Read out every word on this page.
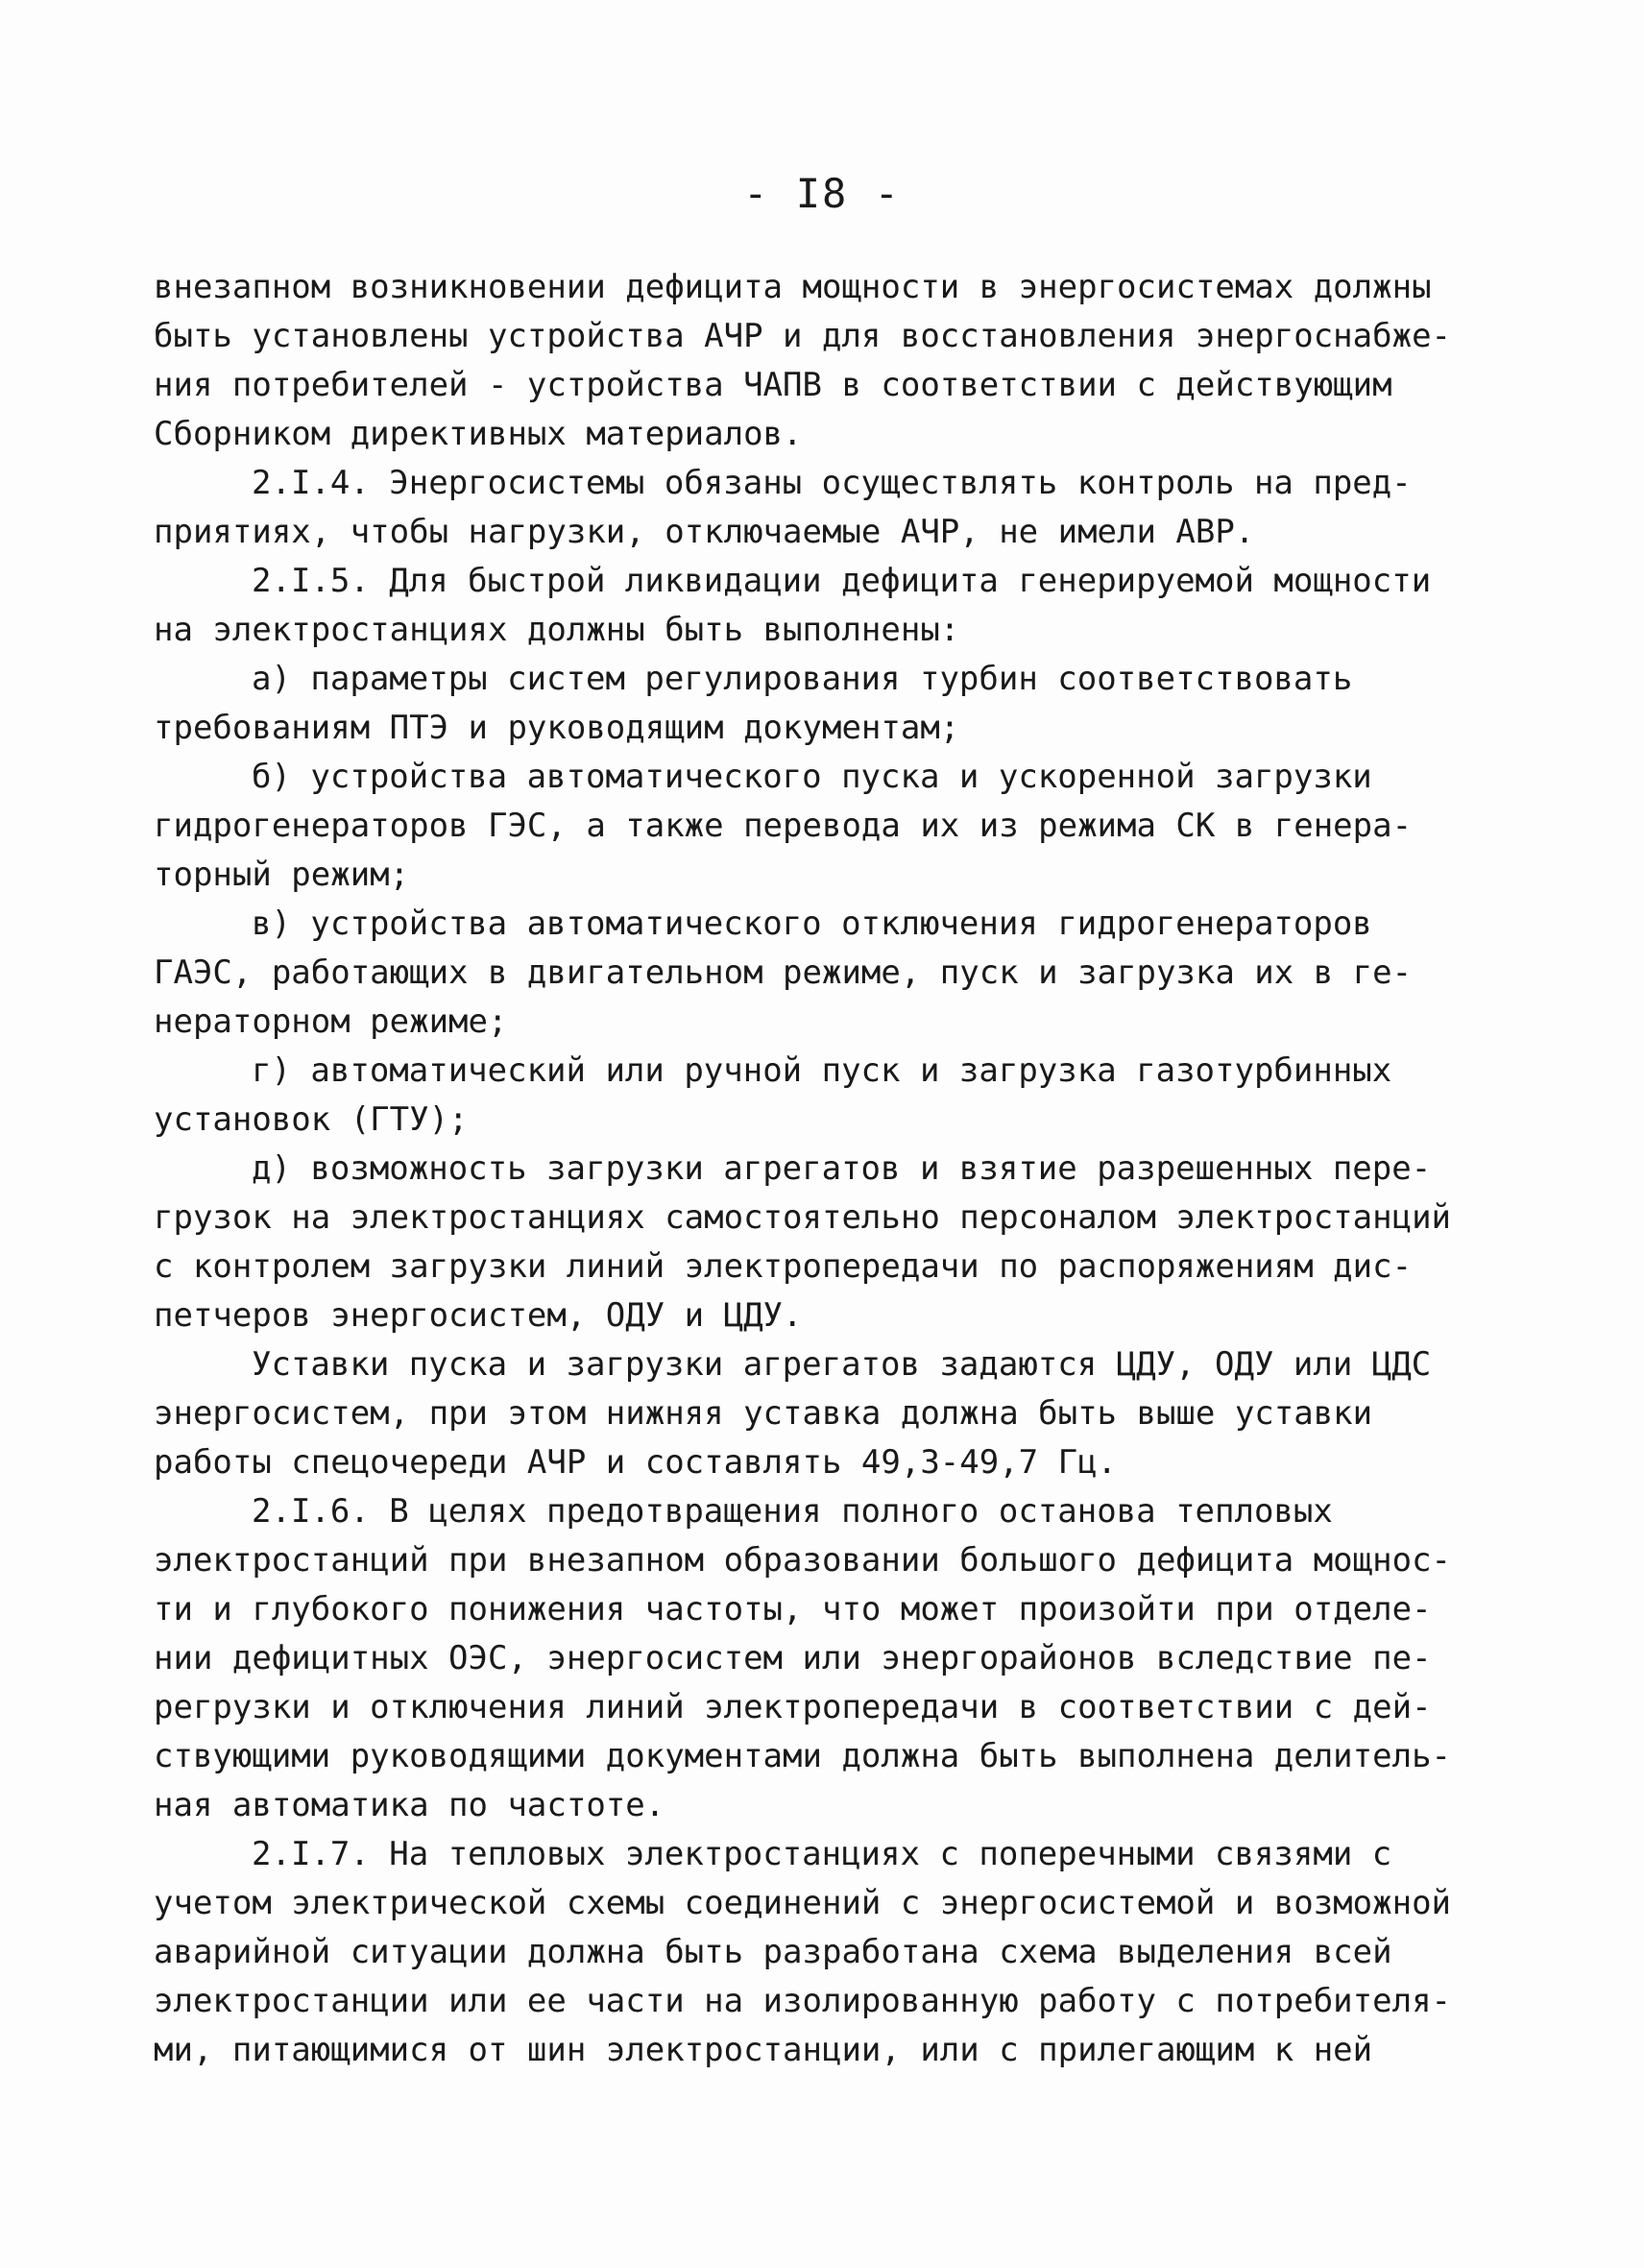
- I8 -
внезапном возникновении дефицита мощности в энергосистемах должны
быть установлены устройства АЧР и для восстановления энергоснабже-
ния потребителей - устройства ЧАПВ в соответствии с действующим
Сборником директивных материалов.
2.I.4. Энергосистемы обязаны осуществлять контроль на пред-
приятиях, чтобы нагрузки, отключаемые АЧР, не имели АВР.
2.I.5. Для быстрой ликвидации дефицита генерируемой мощности
на электростанциях должны быть выполнены:
а) параметры систем регулирования турбин соответствовать
требованиям ПТЭ и руководящим документам;
б) устройства автоматического пуска и ускоренной загрузки
гидрогенераторов ГЭС, а также перевода их из режима СК в генера-
торный режим;
в) устройства автоматического отключения гидрогенераторов
ГАЭС, работающих в двигательном режиме, пуск и загрузка их в ге-
нераторном режиме;
г) автоматический или ручной пуск и загрузка газотурбинных
установок (ГТУ);
д) возможность загрузки агрегатов и взятие разрешенных пере-
грузок на электростанциях самостоятельно персоналом электростанций
с контролем загрузки линий электропередачи по распоряжениям дис-
петчеров энергосистем, ОДУ и ЦДУ.
Уставки пуска и загрузки агрегатов задаются ЦДУ, ОДУ или ЦДС
энергосистем, при этом нижняя уставка должна быть выше уставки
работы спецочереди АЧР и составлять 49,3-49,7 Гц.
2.I.6. В целях предотвращения полного останова тепловых
электростанций при внезапном образовании большого дефицита мощнос-
ти и глубокого понижения частоты, что может произойти при отделе-
нии дефицитных ОЭС, энергосистем или энергорайонов вследствие пе-
регрузки и отключения линий электропередачи в соответствии с дей-
ствующими руководящими документами должна быть выполнена делитель-
ная автоматика по частоте.
2.I.7. На тепловых электростанциях с поперечными связями с
учетом электрической схемы соединений с энергосистемой и возможной
аварийной ситуации должна быть разработана схема выделения всей
электростанции или ее части на изолированную работу с потребителя-
ми, питающимися от шин электростанции, или с прилегающим к ней
